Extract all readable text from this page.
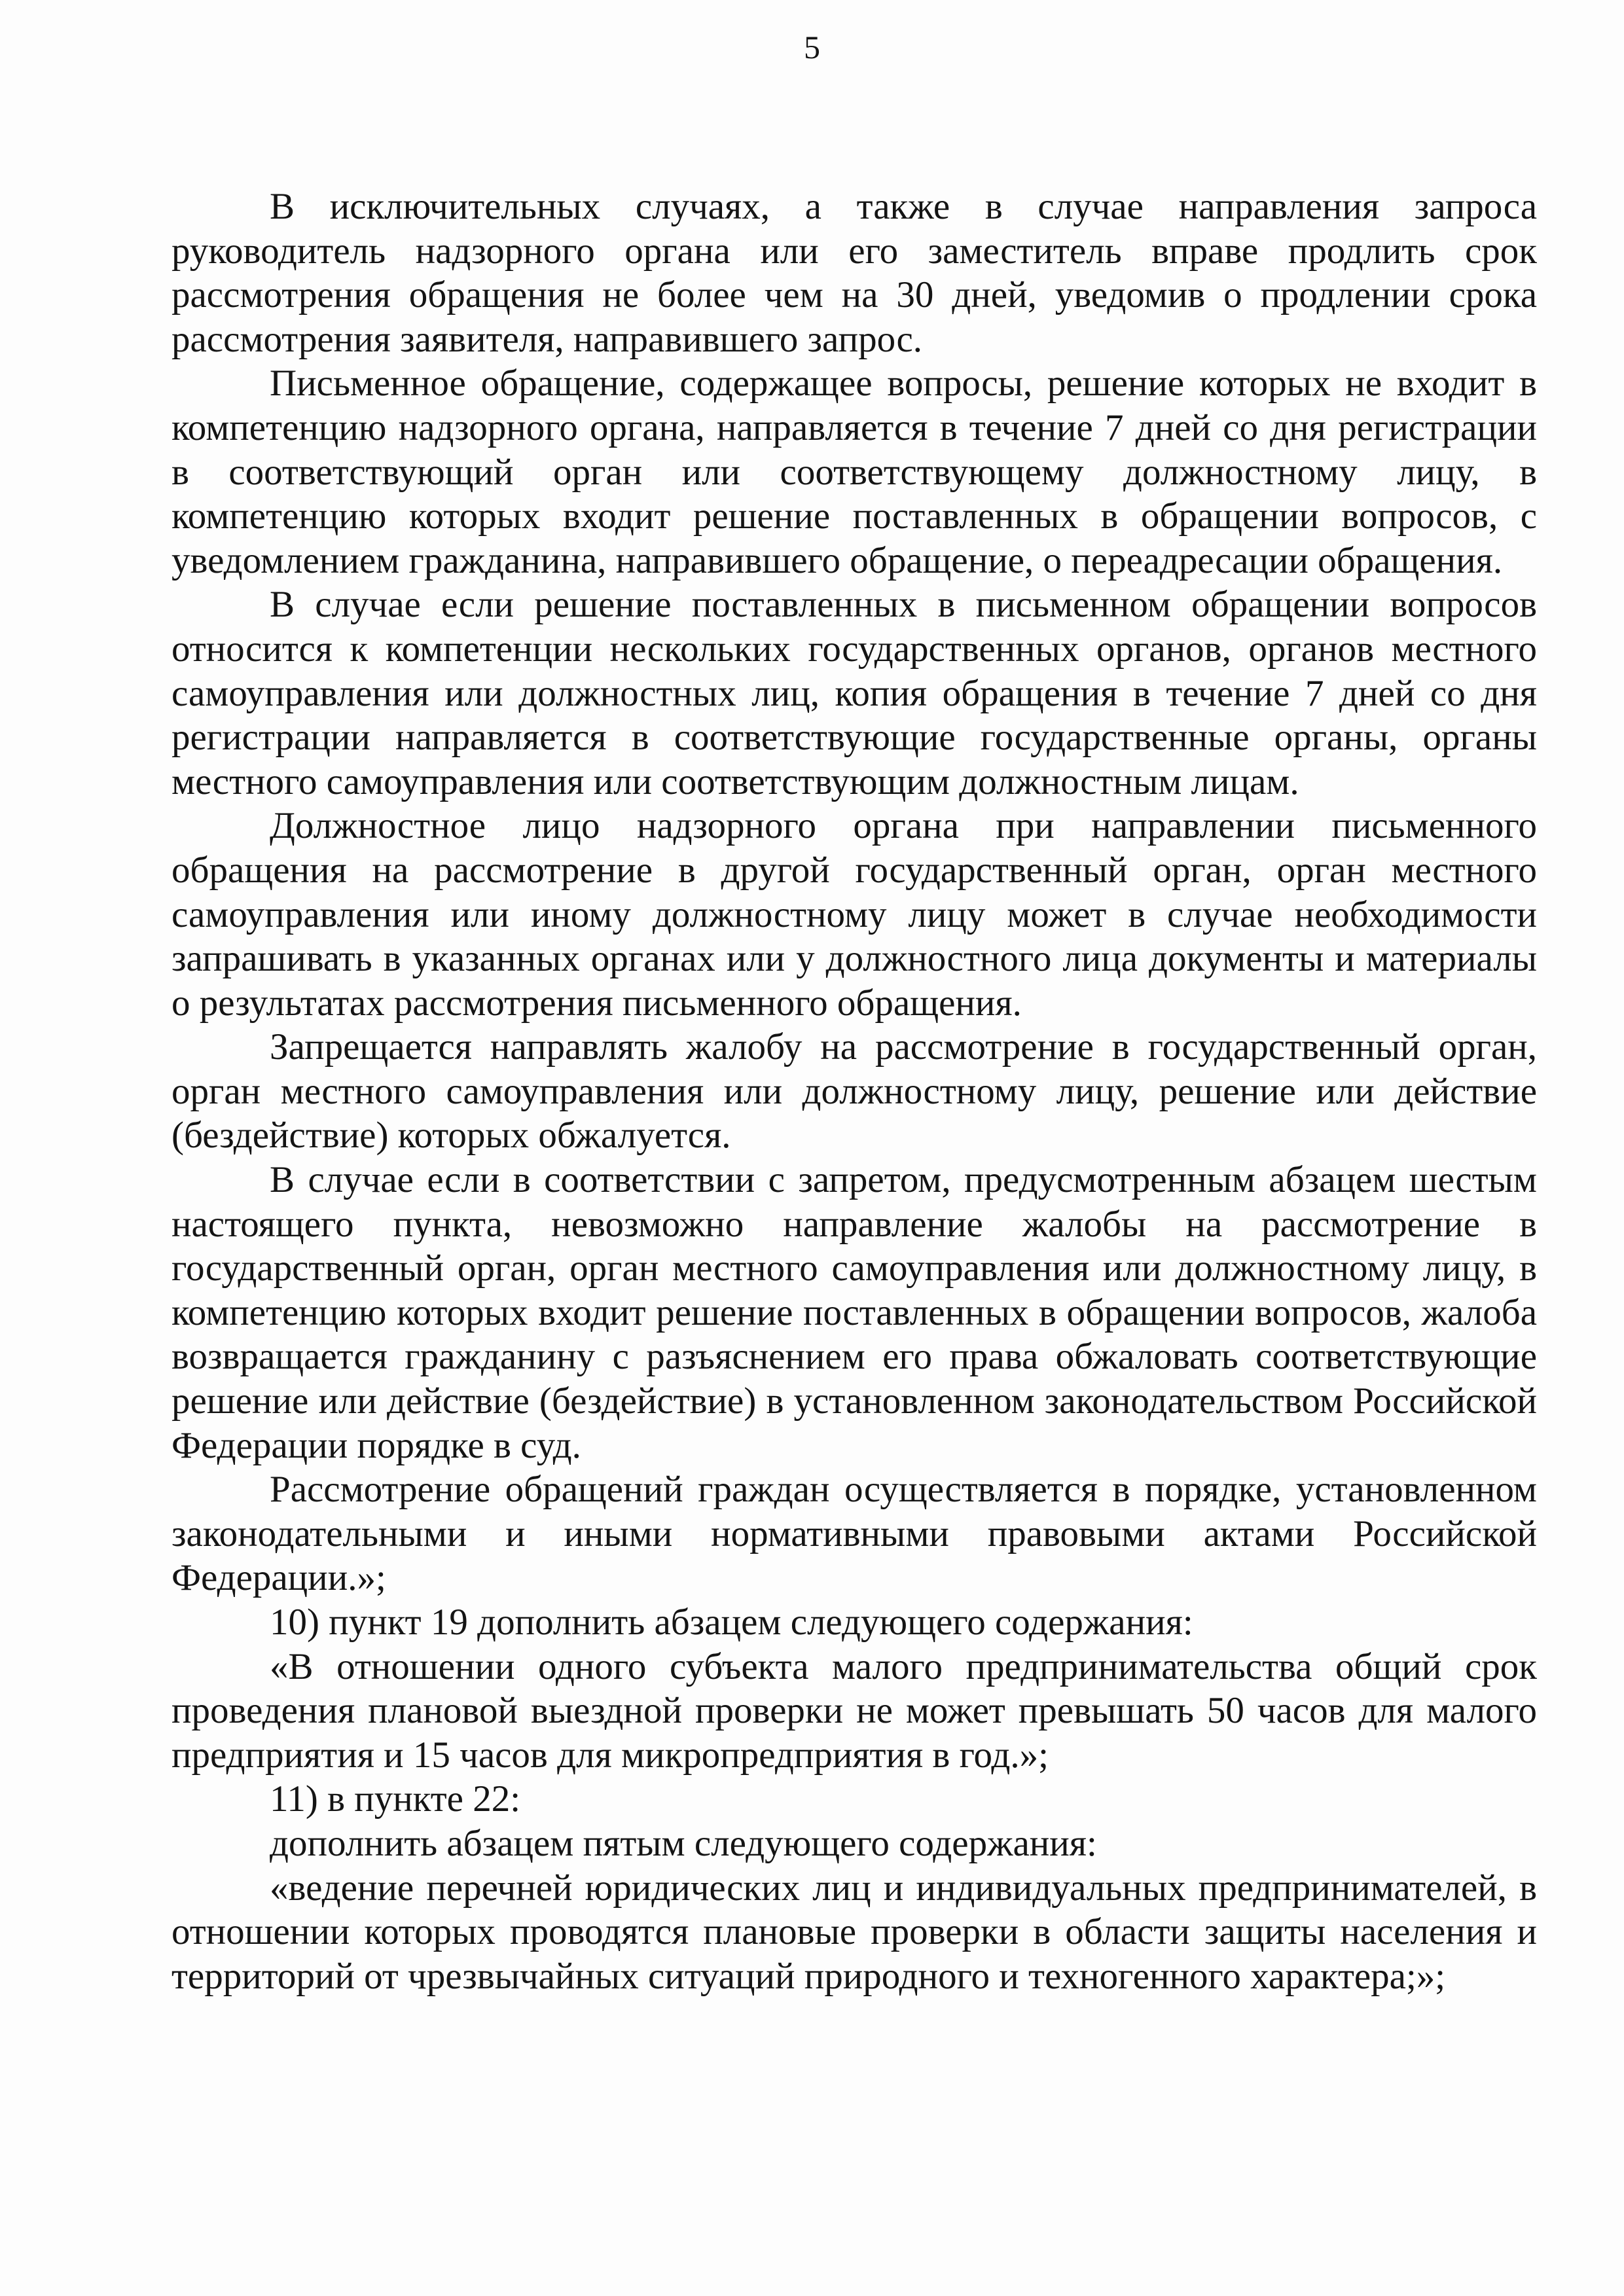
5

В исключительных случаях, а также в случае направления запроса руководитель надзорного органа или его заместитель вправе продлить срок рассмотрения обращения не более чем на 30 дней, уведомив о продлении срока рассмотрения заявителя, направившего запрос.

Письменное обращение, содержащее вопросы, решение которых не входит в компетенцию надзорного органа, направляется в течение 7 дней со дня регистрации в соответствующий орган или соответствующему должностному лицу, в компетенцию которых входит решение поставленных в обращении вопросов, с уведомлением гражданина, направившего обращение, о переадресации обращения.

В случае если решение поставленных в письменном обращении вопросов относится к компетенции нескольких государственных органов, органов местного самоуправления или должностных лиц, копия обращения в течение 7 дней со дня регистрации направляется в соответствующие государственные органы, органы местного самоуправления или соответствующим должностным лицам.

Должностное лицо надзорного органа при направлении письменного обращения на рассмотрение в другой государственный орган, орган местного самоуправления или иному должностному лицу может в случае необходимости запрашивать в указанных органах или у должностного лица документы и материалы о результатах рассмотрения письменного обращения.

Запрещается направлять жалобу на рассмотрение в государственный орган, орган местного самоуправления или должностному лицу, решение или действие (бездействие) которых обжалуется.

В случае если в соответствии с запретом, предусмотренным абзацем шестым настоящего пункта, невозможно направление жалобы на рассмотрение в государственный орган, орган местного самоуправления или должностному лицу, в компетенцию которых входит решение поставленных в обращении вопросов, жалоба возвращается гражданину с разъяснением его права обжаловать соответствующие решение или действие (бездействие) в установленном законодательством Российской Федерации порядке в суд.

Рассмотрение обращений граждан осуществляется в порядке, установленном законодательными и иными нормативными правовыми актами Российской Федерации.»;

10) пункт 19 дополнить абзацем следующего содержания:

«В отношении одного субъекта малого предпринимательства общий срок проведения плановой выездной проверки не может превышать 50 часов для малого предприятия и 15 часов для микропредприятия в год.»;

11) в пункте 22:

дополнить абзацем пятым следующего содержания:

«ведение перечней юридических лиц и индивидуальных предпринимателей, в отношении которых проводятся плановые проверки в области защиты населения и территорий от чрезвычайных ситуаций природного и техногенного характера;»;
